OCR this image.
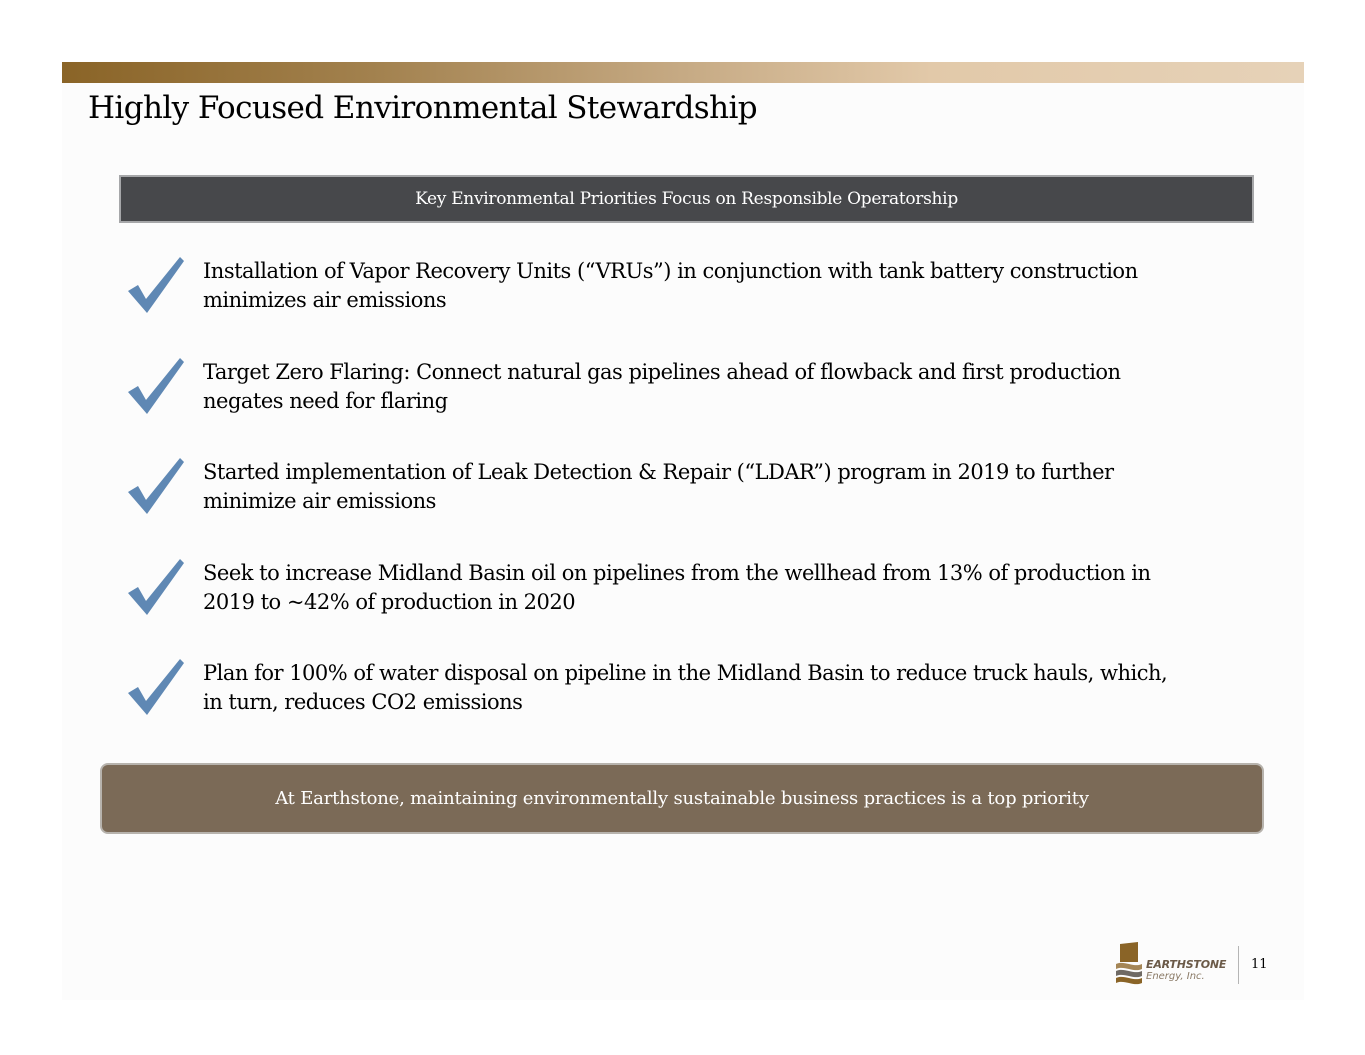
Highly Focused Environmental Stewardship
Key Environmental Priorities Focus on Responsible Operatorship
Installation of Vapor Recovery Units (“VRUs”) in conjunction with tank battery construction
minimizes air emissions
Target Zero Flaring: Connect natural gas pipelines ahead of flowback and first production
negates need for flaring
Started implementation of Leak Detection & Repair (“LDAR”) program in 2019 to further
minimize air emissions
Seek to increase Midland Basin oil on pipelines from the wellhead from 13% of production in
2019 to ~42% of production in 2020
Plan for 100% of water disposal on pipeline in the Midland Basin to reduce truck hauls, which,
in turn, reduces CO2 emissions
At Earthstone, maintaining environmentally sustainable business practices is a top priority
EARTHSTONE
Energy, Inc.
11
